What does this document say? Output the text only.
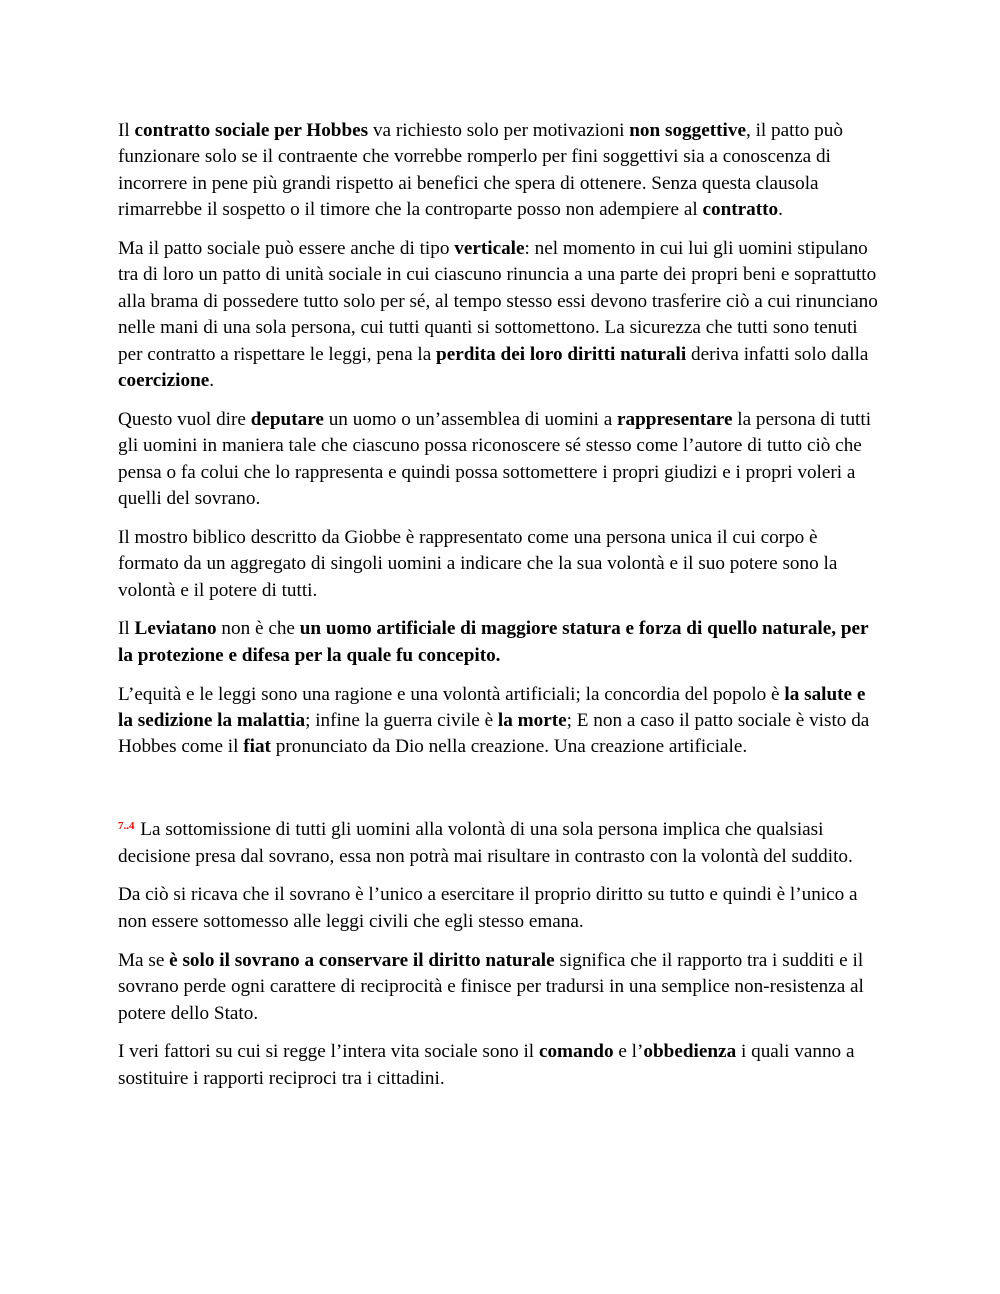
Il contratto sociale per Hobbes va richiesto solo per motivazioni non soggettive, il patto può funzionare solo se il contraente che vorrebbe romperlo per fini soggettivi sia a conoscenza di incorrere in pene più grandi rispetto ai benefici che spera di ottenere. Senza questa clausola rimarrebbe il sospetto o il timore che la controparte posso non adempiere al contratto.

Ma il patto sociale può essere anche di tipo verticale: nel momento in cui lui gli uomini stipulano tra di loro un patto di unità sociale in cui ciascuno rinuncia a una parte dei propri beni e soprattutto alla brama di possedere tutto solo per sé, al tempo stesso essi devono trasferire ciò a cui rinunciano nelle mani di una sola persona, cui tutti quanti si sottomettono. La sicurezza che tutti sono tenuti per contratto a rispettare le leggi, pena la perdita dei loro diritti naturali deriva infatti solo dalla coercizione.

Questo vuol dire deputare un uomo o un’assemblea di uomini a rappresentare la persona di tutti gli uomini in maniera tale che ciascuno possa riconoscere sé stesso come l’autore di tutto ciò che pensa o fa colui che lo rappresenta e quindi possa sottomettere i propri giudizi e i propri voleri a quelli del sovrano.

Il mostro biblico descritto da Giobbe è rappresentato come una persona unica il cui corpo è formato da un aggregato di singoli uomini a indicare che la sua volontà e il suo potere sono la volontà e il potere di tutti.

Il Leviatano non è che un uomo artificiale di maggiore statura e forza di quello naturale, per la protezione e difesa per la quale fu concepito.

L’equità e le leggi sono una ragione e una volontà artificiali; la concordia del popolo è la salute e la sedizione la malattia; infine la guerra civile è la morte; E non a caso il patto sociale è visto da Hobbes come il fiat pronunciato da Dio nella creazione. Una creazione artificiale.

$^{7..4}$ La sottomissione di tutti gli uomini alla volontà di una sola persona implica che qualsiasi decisione presa dal sovrano, essa non potrà mai risultare in contrasto con la volontà del suddito.

Da ciò si ricava che il sovrano è l’unico a esercitare il proprio diritto su tutto e quindi è l’unico a non essere sottomesso alle leggi civili che egli stesso emana.

Ma se è solo il sovrano a conservare il diritto naturale significa che il rapporto tra i sudditi e il sovrano perde ogni carattere di reciprocità e finisce per tradursi in una semplice non-resistenza al potere dello Stato.

I veri fattori su cui si regge l’intera vita sociale sono il comando e l’obbedienza i quali vanno a sostituire i rapporti reciproci tra i cittadini.
